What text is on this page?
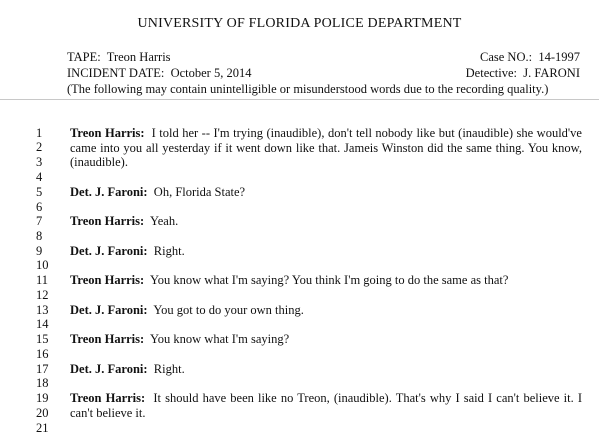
UNIVERSITY OF FLORIDA POLICE DEPARTMENT
TAPE: Treon Harris	Case NO.: 14-1997
INCIDENT DATE: October 5, 2014	Detective: J. FARONI
(The following may contain unintelligible or misunderstood words due to the recording quality.)
1
2
3
4
5
6
7
8
9
10
11
12
13
14
15
16
17
18
19
20
21
Treon Harris: I told her -- I'm trying (inaudible), don't tell nobody like but (inaudible) she would've came into you all yesterday if it went down like that. Jameis Winston did the same thing. You know, (inaudible).
Det. J. Faroni: Oh, Florida State?
Treon Harris: Yeah.
Det. J. Faroni: Right.
Treon Harris: You know what I'm saying? You think I'm going to do the same as that?
Det. J. Faroni: You got to do your own thing.
Treon Harris: You know what I'm saying?
Det. J. Faroni: Right.
Treon Harris: It should have been like no Treon, (inaudible). That's why I said I can't believe it. I can't believe it.
